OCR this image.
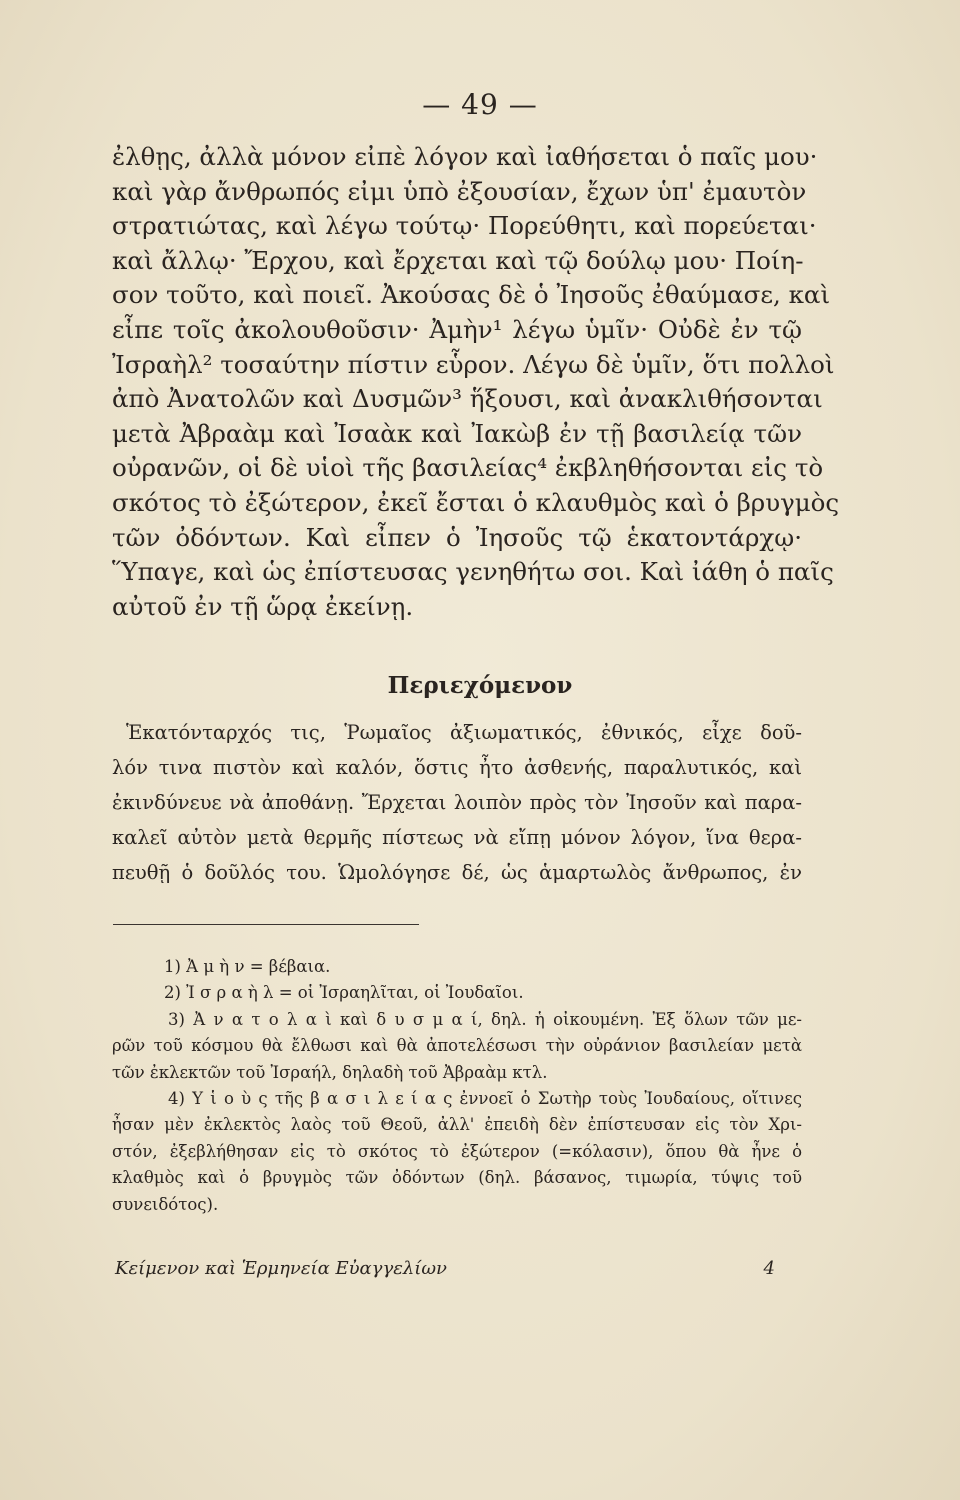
— 49 —
ἐλθῃς, ἀλλὰ μόνον εἰπὲ λόγον καὶ ἰαθήσεται ὁ παῖς μου·
καὶ γὰρ ἄνθρωπός εἰμι ὑπὸ ἐξουσίαν, ἔχων ὑπ' ἐμαυτὸν
στρατιώτας, καὶ λέγω τούτῳ· Πορεύθητι, καὶ πορεύεται·
καὶ ἄλλῳ· Ἔρχου, καὶ ἔρχεται καὶ τῷ δούλῳ μου· Ποίη-
σον τοῦτο, καὶ ποιεῖ. Ἀκούσας δὲ ὁ Ἰησοῦς ἐθαύμασε, καὶ
εἶπε τοῖς ἀκολουθοῦσιν· Ἀμὴν¹ λέγω ὑμῖν· Οὐδὲ ἐν τῷ
Ἰσραὴλ² τοσαύτην πίστιν εὗρον. Λέγω δὲ ὑμῖν, ὅτι πολλοὶ
ἀπὸ Ἀνατολῶν καὶ Δυσμῶν³ ἥξουσι, καὶ ἀνακλιθήσονται
μετὰ Ἀβραὰμ καὶ Ἰσαὰκ καὶ Ἰακὼβ ἐν τῇ βασιλείᾳ τῶν
οὐρανῶν, οἱ δὲ υἱοὶ τῆς βασιλείας⁴ ἐκβληθήσονται εἰς τὸ
σκότος τὸ ἐξώτερον, ἐκεῖ ἔσται ὁ κλαυθμὸς καὶ ὁ βρυγμὸς
τῶν ὀδόντων. Καὶ εἶπεν ὁ Ἰησοῦς τῷ ἑκατοντάρχῳ·
Ὕπαγε, καὶ ὡς ἐπίστευσας γενηθήτω σοι. Καὶ ἰάθη ὁ παῖς
αὐτοῦ ἐν τῇ ὥρᾳ ἐκείνῃ.
Περιεχόμενον
Ἑκατόνταρχός τις, Ῥωμαῖος ἀξιωματικός, ἐθνικός, εἶχε δοῦ-
λόν τινα πιστὸν καὶ καλόν, ὅστις ἦτο ἀσθενής, παραλυτικός, καὶ
ἐκινδύνευε νὰ ἀποθάνῃ. Ἔρχεται λοιπὸν πρὸς τὸν Ἰησοῦν καὶ παρα-
καλεῖ αὐτὸν μετὰ θερμῆς πίστεως νὰ εἴπῃ μόνον λόγον, ἵνα θερα-
πευθῇ ὁ δοῦλός του. Ὡμολόγησε δέ, ὡς ἁμαρτωλὸς ἄνθρωπος, ἐν
1) Ἀ μ ὴ ν = βέβαια.
2) Ἰ σ ρ α ὴ λ = οἱ Ἰσραηλῖται, οἱ Ἰουδαῖοι.
3) Ἀ ν α τ ο λ α ὶ καὶ δ υ σ μ α ί, δηλ. ἡ οἰκουμένη. Ἐξ ὅλων τῶν με-
ρῶν τοῦ κόσμου θὰ ἔλθωσι καὶ θὰ ἀποτελέσωσι τὴν οὐράνιον βασιλείαν μετὰ
τῶν ἐκλεκτῶν τοῦ Ἰσραήλ, δηλαδὴ τοῦ Ἀβραὰμ κτλ.
4) Υ ἱ ο ὺ ς τῆς β α σ ι λ ε ί α ς ἐννοεῖ ὁ Σωτὴρ τοὺς Ἰουδαίους, οἵτινες
ἦσαν μὲν ἐκλεκτὸς λαὸς τοῦ Θεοῦ, ἀλλ' ἐπειδὴ δὲν ἐπίστευσαν εἰς τὸν Χρι-
στόν, ἐξεβλήθησαν εἰς τὸ σκότος τὸ ἐξώτερον (=κόλασιν), ὅπου θὰ ἦνε ὁ
κλαθμὸς καὶ ὁ βρυγμὸς τῶν ὀδόντων (δηλ. βάσανος, τιμωρία, τύψις τοῦ
συνειδότος).
Κείμενον καὶ Ἑρμηνεία Εὐαγγελίων	4
